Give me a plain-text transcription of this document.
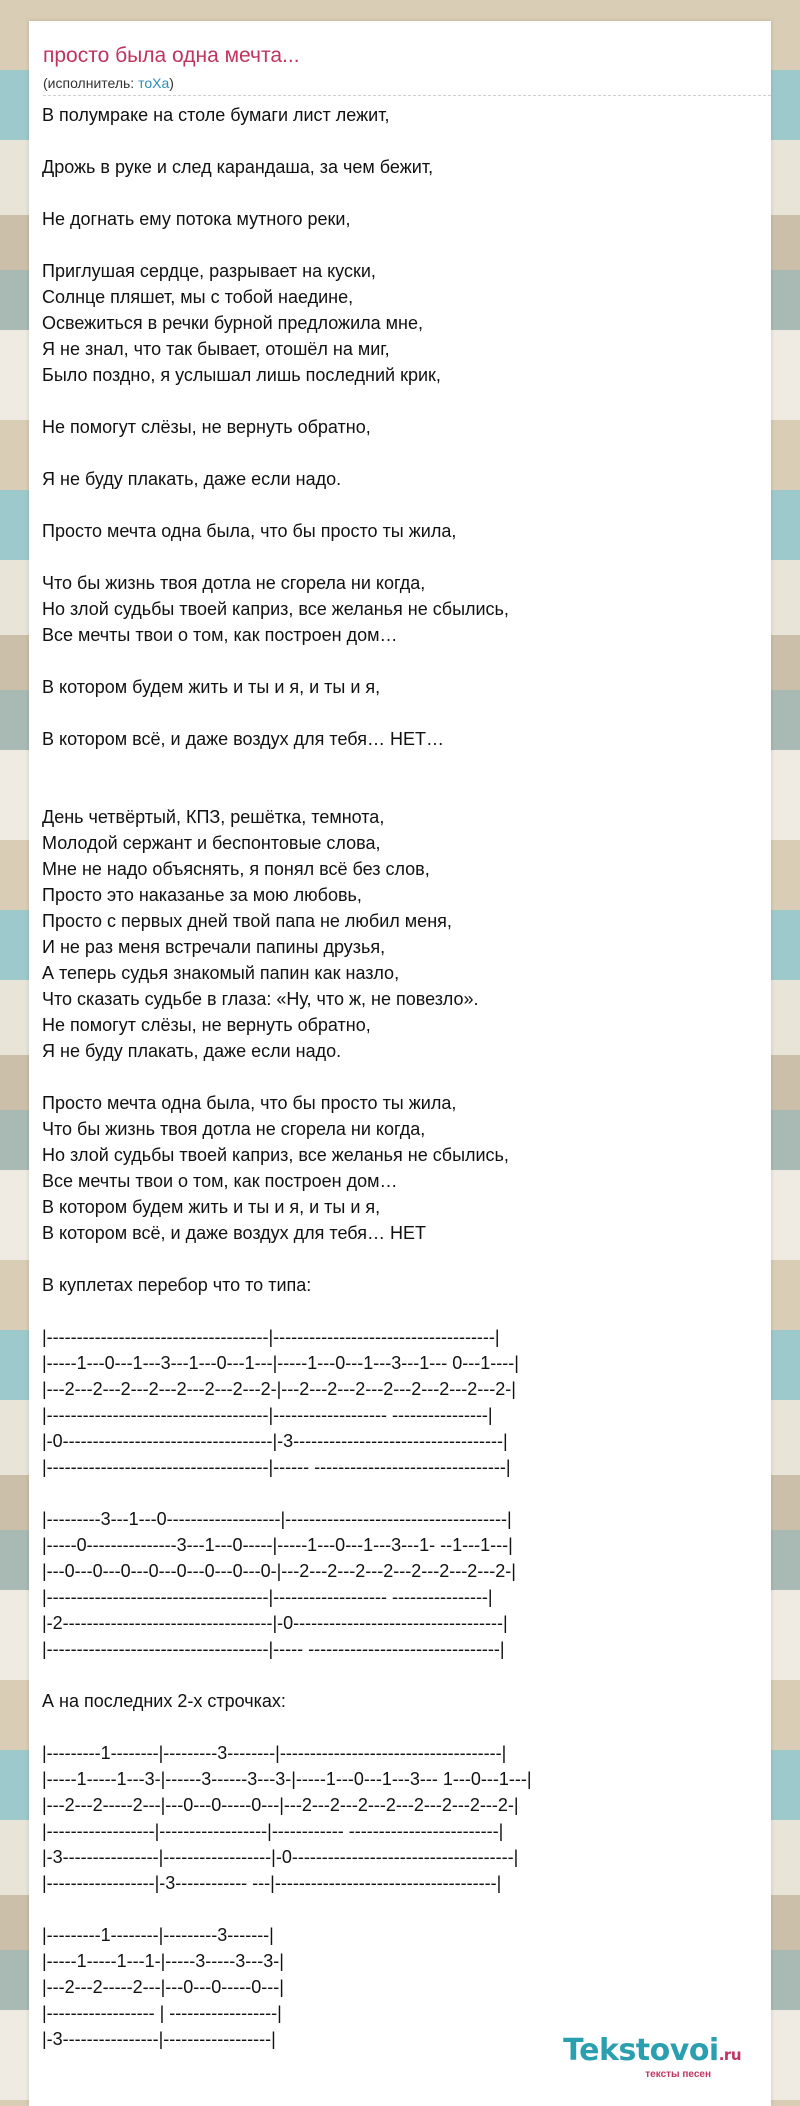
просто была одна мечта...
(исполнитель: тоХа)
В полумраке на столе бумаги лист лежит,

Дрожь в руке и след карандаша, за чем бежит,

Не догнать ему потока мутного реки,

Приглушая сердце, разрывает на куски,
Солнце пляшет, мы с тобой наедине,
Освежиться в речки бурной предложила мне,
Я не знал, что так бывает, отошёл на миг,
Было поздно, я услышал лишь последний крик,

Не помогут слёзы, не вернуть обратно,

Я не буду плакать, даже если надо.

Просто мечта одна была, что бы просто ты жила,

Что бы жизнь твоя дотла не сгорела ни когда,
Но злой судьбы твоей каприз, все желанья не сбылись,
Все мечты твои о том, как построен дом…

В котором будем жить и ты и я, и ты и я,

В котором всё, и даже воздух для тебя… НЕТ…

День четвёртый, КПЗ, решётка, темнота,
Молодой сержант и беспонтовые слова,
Мне не надо объяснять, я понял всё без слов,
Просто это наказанье за мою любовь,
Просто с первых дней твой папа не любил меня,
И не раз меня встречали папины друзья,
А теперь судья знакомый папин как назло,
Что сказать судьбе в глаза: «Ну, что ж, не повезло».
Не помогут слёзы, не вернуть обратно,
Я не буду плакать, даже если надо.

Просто мечта одна была, что бы просто ты жила,
Что бы жизнь твоя дотла не сгорела ни когда,
Но злой судьбы твоей каприз, все желанья не сбылись,
Все мечты твои о том, как построен дом…
В котором будем жить и ты и я, и ты и я,
В котором всё, и даже воздух для тебя… НЕТ

В куплетах перебор что то типа:

|-------------------------------------|-------------------------------------|
|-----1---0---1---3---1---0---1---|-----1---0---1---3---1--- 0---1----|
|---2---2---2---2---2---2---2---2-|---2---2---2---2---2---2---2---2-|
|-------------------------------------|------------------- ----------------|
|-0-----------------------------------|-3-----------------------------------|
|-------------------------------------|------ --------------------------------|

|---------3---1---0-------------------|-------------------------------------|
|-----0---------------3---1---0-----|-----1---0---1---3---1- --1---1---|
|---0---0---0---0---0---0---0---0-|---2---2---2---2---2---2---2---2-|
|-------------------------------------|------------------- ----------------|
|-2-----------------------------------|-0-----------------------------------|
|-------------------------------------|----- --------------------------------|

А на последних 2-х строчках:

|---------1--------|---------3--------|-------------------------------------|
|-----1-----1---3-|------3------3---3-|-----1---0---1---3--- 1---0---1---|
|---2---2-----2---|---0---0-----0---|---2---2---2---2---2---2---2---2-|
|------------------|------------------|------------ -------------------------|
|-3----------------|------------------|-0-------------------------------------|
|------------------|-3------------ ---|-------------------------------------|

|---------1--------|---------3-------|
|-----1-----1---1-|-----3-----3---3-|
|---2---2-----2---|---0---0-----0---|
|------------------ | ------------------|
|-3----------------|------------------|	Tekstovoi.ru
тексты песен
